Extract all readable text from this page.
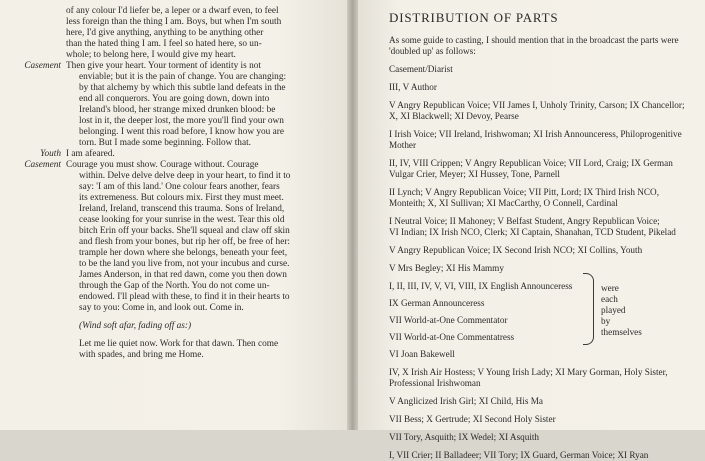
of any colour I'd liefer be, a leper or a dwarf even, to feel
less foreign than the thing I am. Boys, but when I'm south
here, I'd give anything, anything to be anything other
than the hated thing I am. I feel so hated here, so un-
whole; to belong here, I would give my heart.
Casement Then give your heart. Your torment of identity is not
enviable; but it is the pain of change. You are changing:
by that alchemy by which this subtle land defeats in the
end all conquerors. You are going down, down into
Ireland's blood, her strange mixed drunken blood: be
lost in it, the deeper lost, the more you'll find your own
belonging. I went this road before, I know how you are
torn. But I made some beginning. Follow that.
Youth I am afeared.
Casement Courage you must show. Courage without. Courage
within. Delve delve delve deep in your heart, to find it to
say: 'I am of this land.' One colour fears another, fears
its extremeness. But colours mix. First they must meet.
Ireland, Ireland, transcend this trauma. Sons of Ireland,
cease looking for your sunrise in the west. Tear this old
bitch Erin off your backs. She'll squeal and claw off skin
and flesh from your bones, but rip her off, be free of her:
trample her down where she belongs, beneath your feet,
to be the land you live from, not your incubus and curse.
James Anderson, in that red dawn, come you then down
through the Gap of the North. You do not come un-
endowed. I'll plead with these, to find it in their hearts to
say to you: Come in, and look out. Come in.
(Wind soft afar, fading off as:)
Let me lie quiet now. Work for that dawn. Then come
with spades, and bring me Home.
DISTRIBUTION OF PARTS
As some guide to casting, I should mention that in the broadcast the parts were
'doubled up' as follows:
Casement/Diarist
III, V Author
V Angry Republican Voice; VII James I, Unholy Trinity, Carson; IX Chancellor;
X, XI Blackwell; XI Devoy, Pearse
I Irish Voice; VII Ireland, Irishwoman; XI Irish Announceress, Philoprogenitive
Mother
II, IV, VIII Crippen; V Angry Republican Voice; VII Lord, Craig; IX German
Vulgar Crier, Meyer; XI Hussey, Tone, Parnell
II Lynch; V Angry Republican Voice; VII Pitt, Lord; IX Third Irish NCO,
Monteith; X, XI Sullivan; XI MacCarthy, O Connell, Cardinal
I Neutral Voice; II Mahoney; V Belfast Student, Angry Republican Voice;
VI Indian; IX Irish NCO, Clerk; XI Captain, Shanahan, TCD Student, Pikelad
V Angry Republican Voice; IX Second Irish NCO; XI Collins, Youth
V Mrs Begley; XI His Mammy
I, II, III, IV, V, VI, VIII, IX English Announceress
IX German Announceress
VII World-at-One Commentator
VII World-at-One Commentatress
VI Joan Bakewell
were
each
played
by
themselves
IV, X Irish Air Hostess; V Young Irish Lady; XI Mary Gorman, Holy Sister,
Professional Irishwoman
V Anglicized Irish Girl; XI Child, His Ma
VII Bess; X Gertrude; XI Second Holy Sister
VII Tory, Asquith; IX Wedel; XI Asquith
I, VII Crier; II Balladeer; VII Tory; IX Guard, German Voice; XI Ryan
